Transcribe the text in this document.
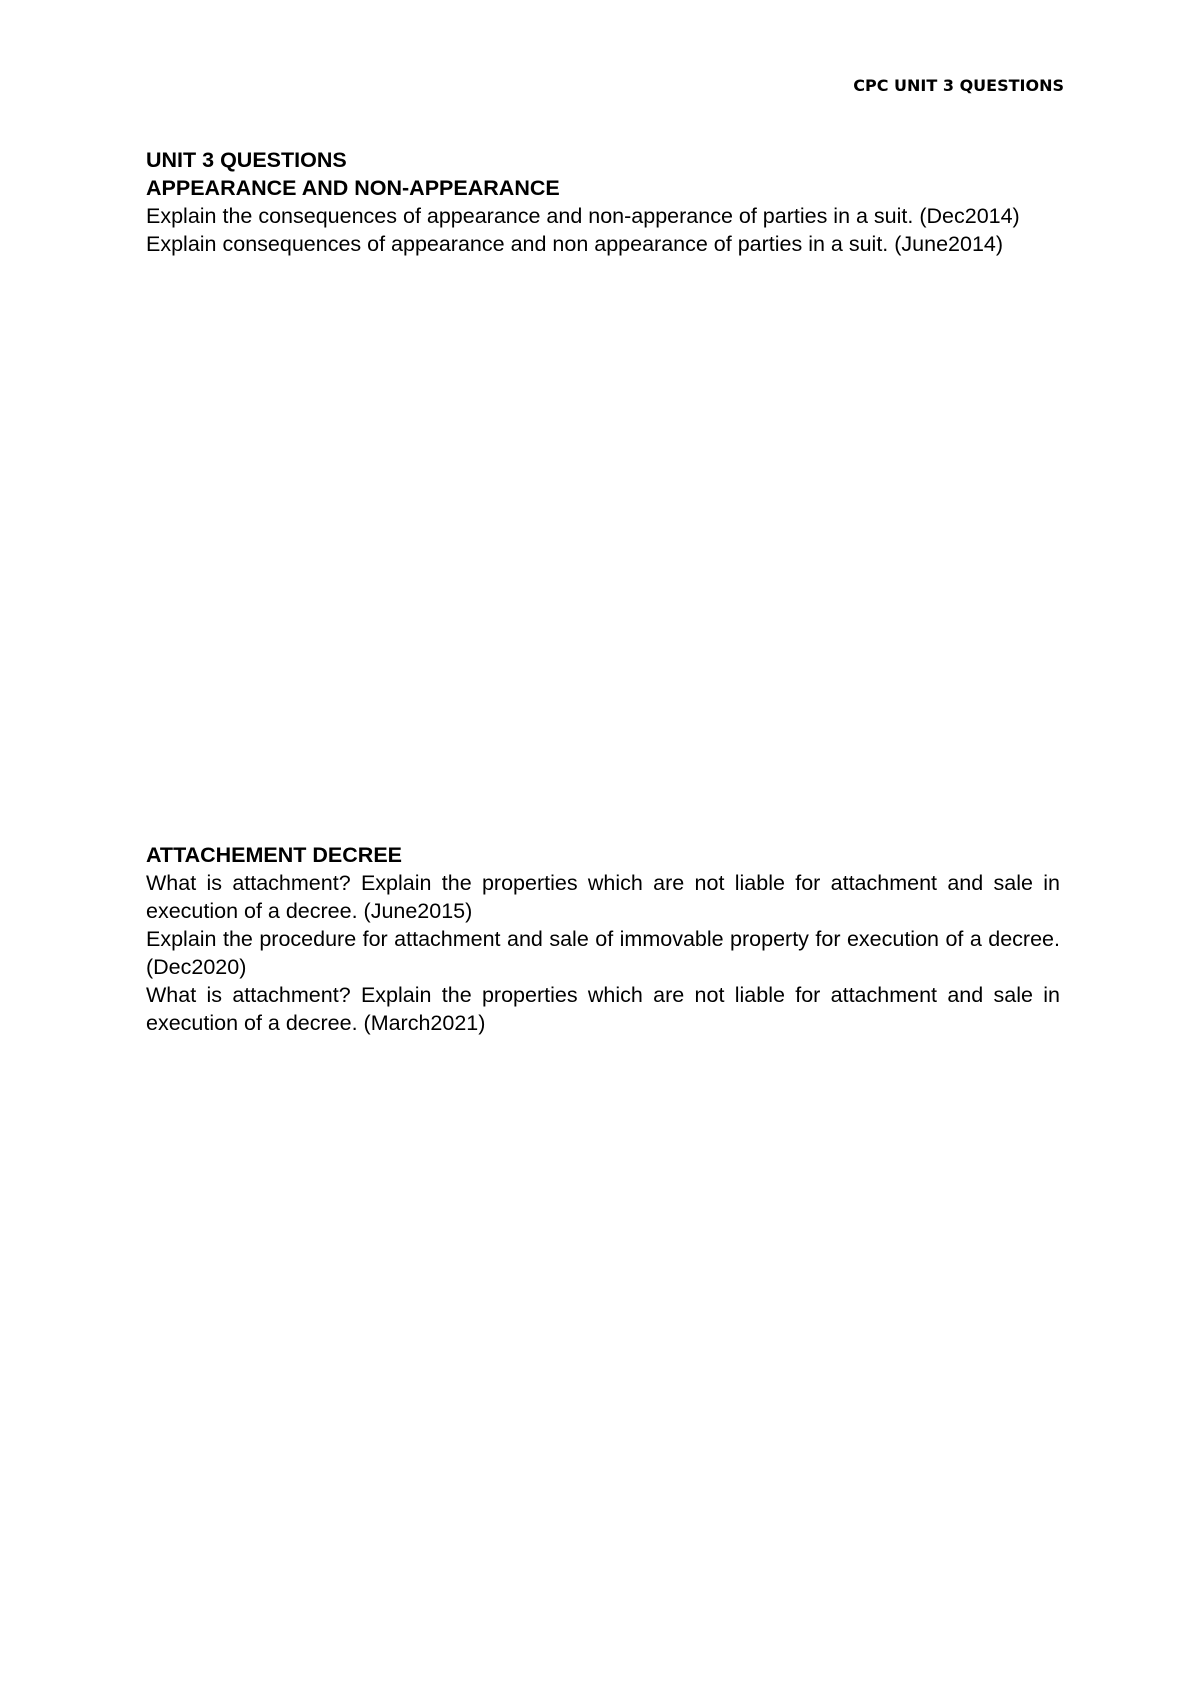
CPC UNIT 3 QUESTIONS

UNIT 3 QUESTIONS

APPEARANCE AND NON-APPEARANCE

Explain the consequences of appearance and non-apperance of parties in a suit. (Dec2014)

Explain consequences of appearance and non appearance of parties in a suit. (June2014)

ATTACHEMENT DECREE

What is attachment? Explain the properties which are not liable for attachment and sale in execution of a decree. (June2015)

Explain the procedure for attachment and sale of immovable property for execution of a decree. (Dec2020)

What is attachment? Explain the properties which are not liable for attachment and sale in execution of a decree. (March2021)
